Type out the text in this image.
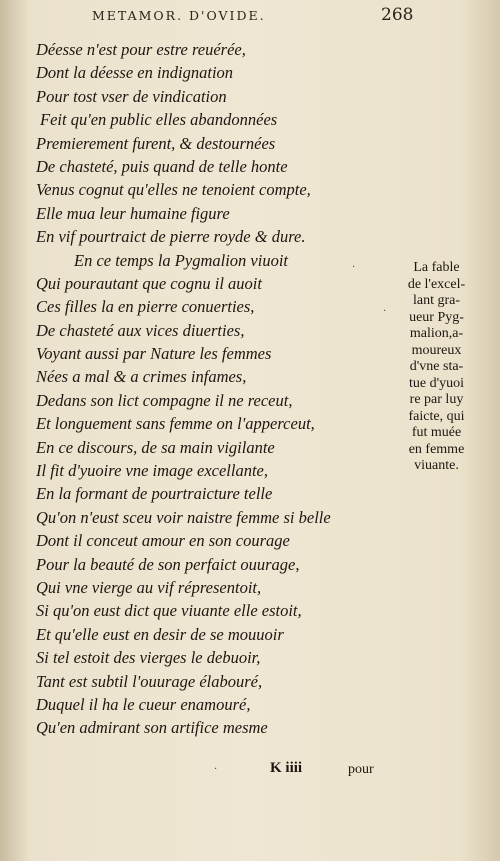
METAMOR. D'OVIDE.	268
Déesse n'est pour estre reuérée,
Dont la déesse en indignation
Pour tost vser de vindication
Feit qu'en public elles abandonnées
Premierement furent, & destournées
De chasteté, puis quand de telle honte
Venus cognut qu'elles ne tenoient compte,
Elle mua leur humaine figure
En vif pourtraict de pierre royde & dure.
En ce temps la Pygmalion viuoit
Qui pourautant que cognu il auoit
Ces filles la en pierre conuerties,
De chasteté aux vices diuerties,
Voyant aussi par Nature les femmes
Nées a mal & a crimes infames,
Dedans son lict compagne il ne receut,
Et longuement sans femme on l'apperceut,
En ce discours, de sa main vigilante
Il fit d'yuoire vne image excellante,
En la formant de pourtraicture telle
Qu'on n'eust sceu voir naistre femme si belle
Dont il conceut amour en son courage
Pour la beauté de son perfaict ouurage,
Qui vne vierge au vif répresentoit,
Si qu'on eust dict que viuante elle estoit,
Et qu'elle eust en desir de se mouuoir
Si tel estoit des vierges le debuoir,
Tant est subtil l'ouurage élabouré,
Duquel il ha le cueur enamouré,
Qu'en admirant son artifice mesme
La fable
de l'excel-
lant gra-
ueur Pyg-
malion,a-
moureux
d'vne sta-
tue d'yuoi
re par luy
faicte, qui
fut muée
en femme
viuante.
·
·
·	K iiii	pour
